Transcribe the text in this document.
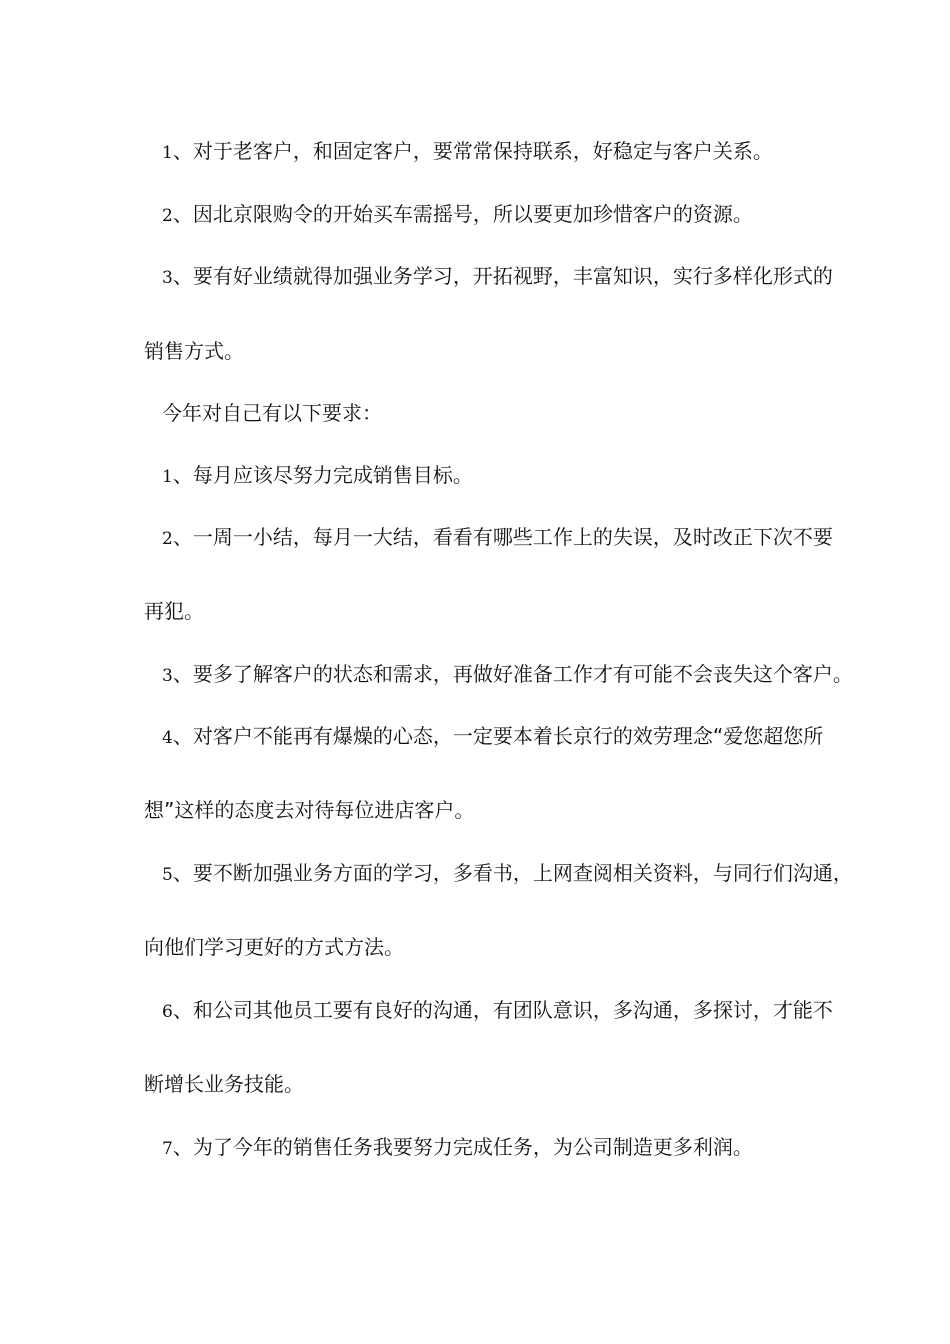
1、对于老客户，和固定客户，要常常保持联系，好稳定与客户关系。
2、因北京限购令的开始买车需摇号，所以要更加珍惜客户的资源。
3、要有好业绩就得加强业务学习，开拓视野，丰富知识，实行多样化形式的
销售方式。
今年对自己有以下要求：
1、每月应该尽努力完成销售目标。
2、一周一小结，每月一大结，看看有哪些工作上的失误，及时改正下次不要
再犯。
3、要多了解客户的状态和需求，再做好准备工作才有可能不会丧失这个客户。
4、对客户不能再有爆燥的心态，一定要本着长京行的效劳理念“爱您超您所
想”这样的态度去对待每位进店客户。
5、要不断加强业务方面的学习，多看书，上网查阅相关资料，与同行们沟通，
向他们学习更好的方式方法。
6、和公司其他员工要有良好的沟通，有团队意识，多沟通，多探讨，才能不
断增长业务技能。
7、为了今年的销售任务我要努力完成任务，为公司制造更多利润。
